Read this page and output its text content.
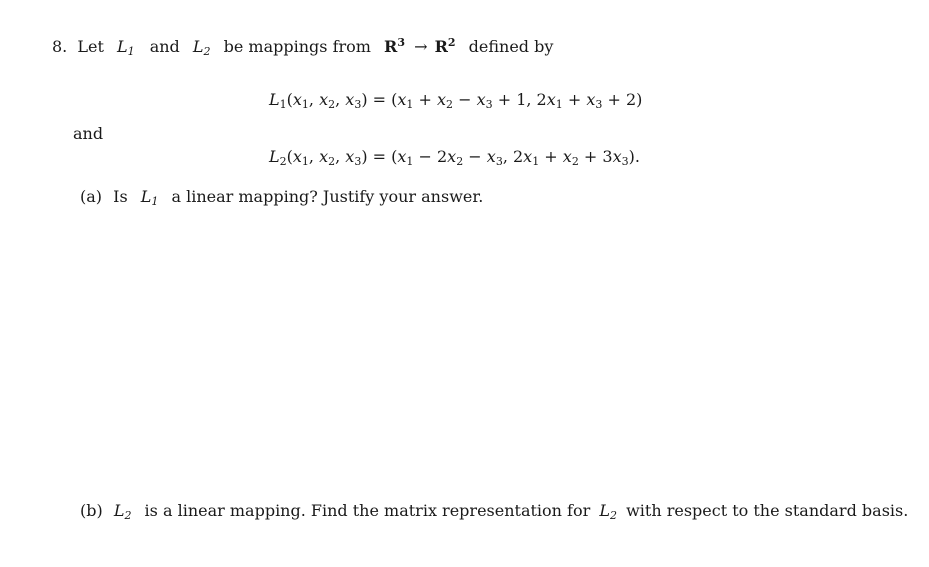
8. Let $L_1$ and $L_2$ be mappings from $R^3 \to R^2$ defined by
$L_1(x_1$, $x_2$, $x_3) = (x_1 + x_2 - x_3 + 1$, $2x_1 + x_3 + 2$)
and
$L_2(x_1$, $x_2$, $x_3) = (x_1 - 2x_2 - x_3$, $2x_1 + x_2 + 3x_3$).
(a) Is $L_1$ a linear mapping? Justify your answer.
(b) $L_2$ is a linear mapping. Find the matrix representation for $L_2$ with respect to the standard basis.
